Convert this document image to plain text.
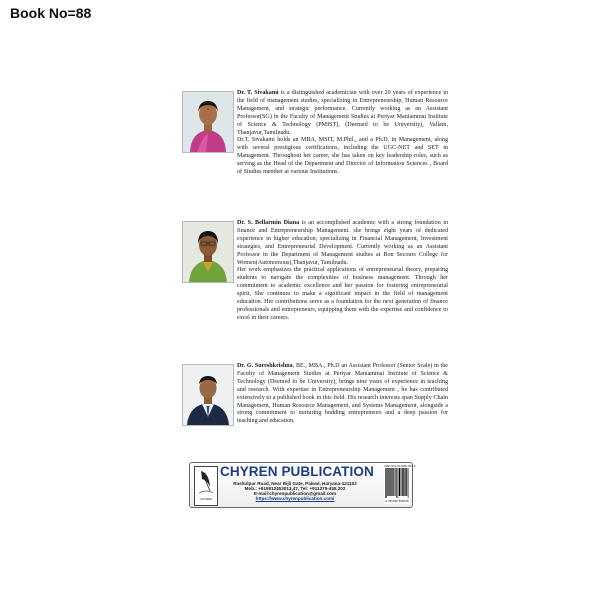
Book No=88

Dr. T. Sivakami is a distinguished academician with over 20 years of experience in the field of management studies, specializing in Entrepreneurship, Human Resource Management, and strategic performance. Currently working as an Assistant Professor(SG) in the Faculty of Management Studies at Periyar Maniammai Institute of Science & Technology (PMIST), (Deemed to be University), Vallam, Thanjavur,Tamilnadu.

Dr.T. Sivakami holds an MBA, MSIT, M.Phil., and a Ph.D. in Management, along with several prestigious certifications, including the UGC-NET and SET in Management. Throughout her career, she has taken on key leadership roles, such as serving as the Head of the Department and Director of Information Sciences , Board of Studies member at various Institutions.

Dr. S. Bellarmin Diana is an accomplished academic with a strong foundation in finance and Entrepreneurship Management. she brings eight years of dedicated experience in higher education, specializing in Financial Management, Investment strategies, and Entrepreneurial Development. Currently working as an Assistant Professor in the Department of Management studies at Bon Secours College for Women(Autonomous),Thanjavur, Tamilnadu.

Her work emphasizes the practical applications of entrepreneurial theory, preparing students to navigate the complexities of business management. Through her commitment to academic excellence and her passion for fostering entrepreneurial spirit, She continues to make a significant impact in the field of management education. Her contributions serve as a foundation for the next generation of finance professionals and entrepreneurs, equipping them with the expertise and confidence to excel in their careers.

Dr. G. Sureshkrishna, BE., MBA., Ph.D an Assistant Professor (Senior Scale) in the Faculty of Management Studies at Periyar Maniammai Institute of Science & Technology (Deemed to be University), brings nine years of experience in teaching and research. With expertise in Entrepreneurship Management , he has contributed extensively to a published book in this field. His research interests span Supply Chain Management, Human Resource Management, and Systems Management, alongside a strong commitment to nurturing budding entrepreneurs and a deep passion for teaching and education.

CHYREN
CHYREN PUBLICATION
Rashulpur Road, Near Bijli Gate, Palwal, Haryana-121102
Mob.: +919812453013,47, Tel: +911275-455,202
E-mail:chyrenpublication@gmail.com
https://www.chyrenpublication.com/
ISBN 978-93-6985-893-8
9 789369 858138
